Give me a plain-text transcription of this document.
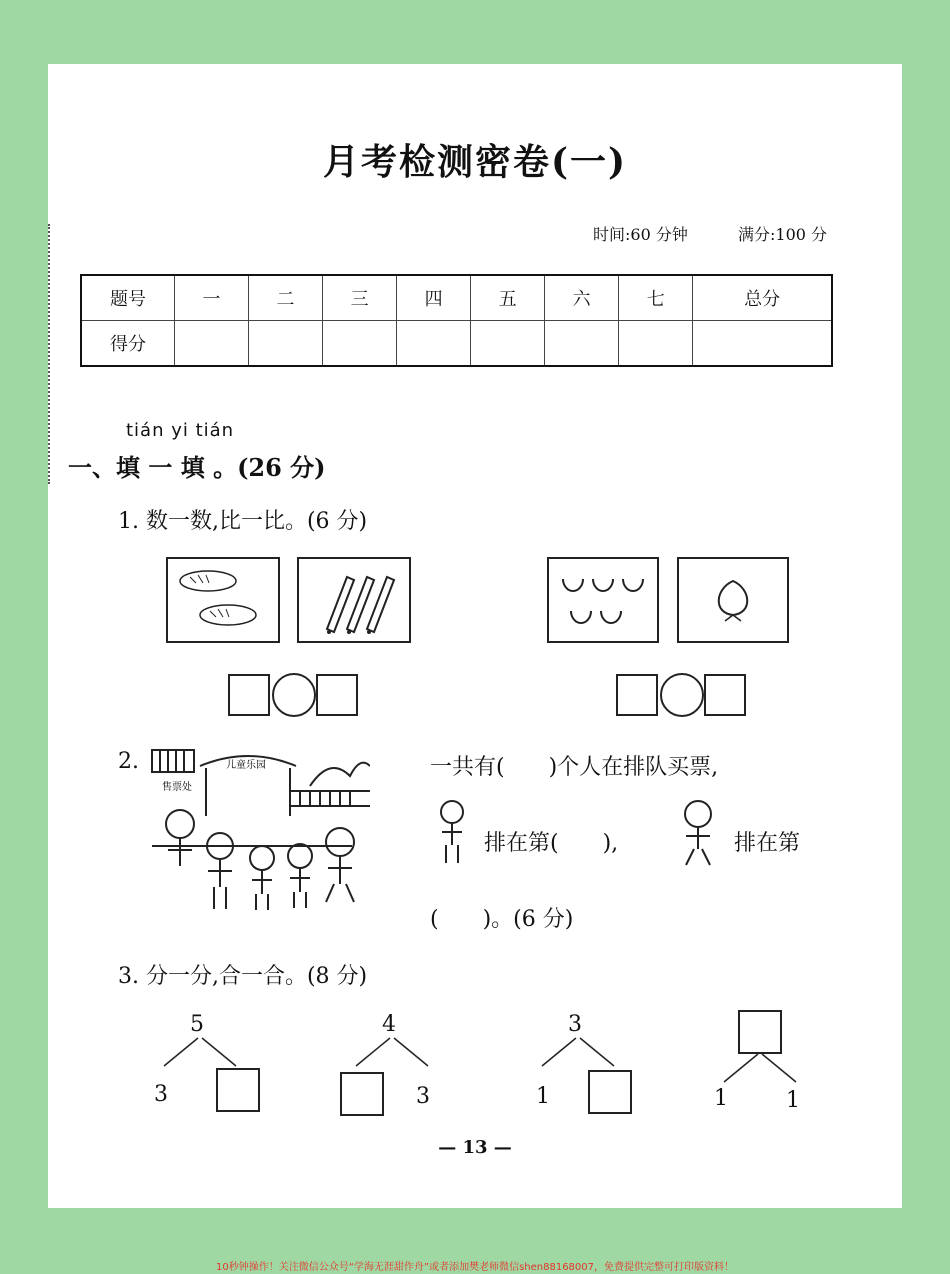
月考检测密卷(一)
时间:60 分钟	满分:100 分
题号	一	二	三	四	五	六	七	总分
得分								
tián yi tián
一、填 一 填 。(26 分)
1. 数一数,比一比。(6 分)
2.
售票处
儿童乐园	一共有(　　)个人在排队买票,
排在第(　　),	排在第
(　　)。(6 分)
3. 分一分,合一合。(8 分)
5
3
4
3
3
1	1	1
— 13 —
10秒钟操作！关注微信公众号“学海无涯甜作舟”或者添加樊老师微信shen88168007，免费提供完整可打印版资料！
